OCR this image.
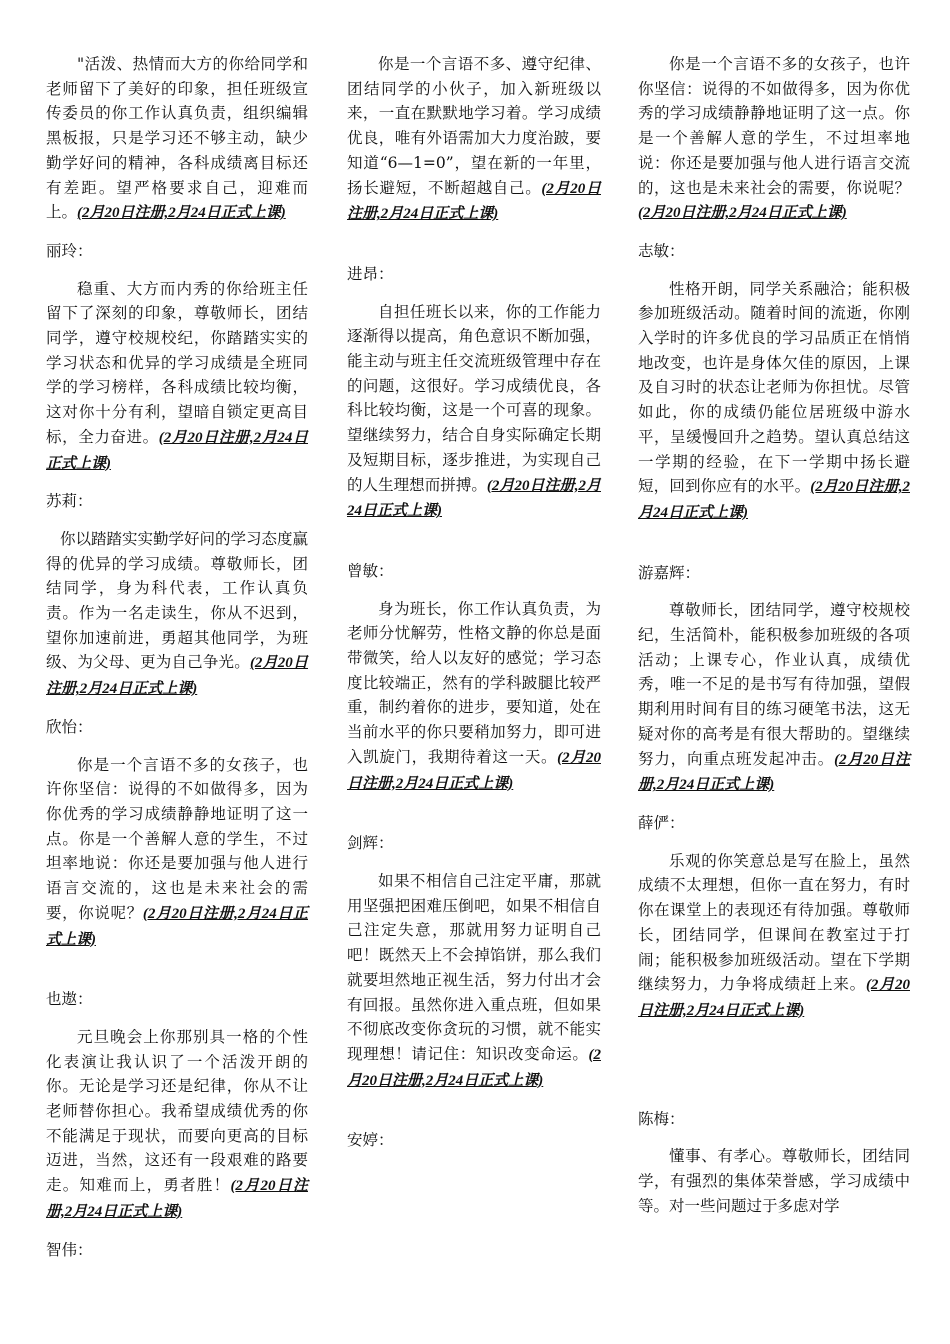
"活泼、热情而大方的你给同学和老师留下了美好的印象，担任班级宣传委员的你工作认真负责，组织编辑黑板报，只是学习还不够主动，缺少勤学好问的精神，各科成绩离目标还有差距。望严格要求自己，迎难而上。(2月20日注册,2月24日正式上课)

丽玲：

稳重、大方而内秀的你给班主任留下了深刻的印象，尊敬师长，团结同学，遵守校规校纪，你踏踏实实的学习状态和优异的学习成绩是全班同学的学习榜样，各科成绩比较均衡，这对你十分有利，望暗自锁定更高目标，全力奋进。(2月20日注册,2月24日正式上课)

苏莉：

你以踏踏实实勤学好问的学习态度赢得的优异的学习成绩。尊敬师长，团结同学，身为科代表，工作认真负责。作为一名走读生，你从不迟到，望你加速前进，勇超其他同学，为班级、为父母、更为自己争光。(2月20日注册,2月24日正式上课)

欣怡：

你是一个言语不多的女孩子，也许你坚信：说得的不如做得多，因为你优秀的学习成绩静静地证明了这一点。你是一个善解人意的学生，不过坦率地说：你还是要加强与他人进行语言交流的，这也是未来社会的需要，你说呢？(2月20日注册,2月24日正式上课)

也遨：

元旦晚会上你那别具一格的个性化表演让我认识了一个活泼开朗的你。无论是学习还是纪律，你从不让老师替你担心。我希望成绩优秀的你不能满足于现状，而要向更高的目标迈进，当然，这还有一段艰难的路要走。知难而上，勇者胜！(2月20日注册,2月24日正式上课)

智伟：

你是一个言语不多、遵守纪律、团结同学的小伙子，加入新班级以来，一直在默默地学习着。学习成绩优良，唯有外语需加大力度治跛，要知道“6—1=0”，望在新的一年里，扬长避短，不断超越自己。(2月20日注册,2月24日正式上课)

进昂：

自担任班长以来，你的工作能力逐渐得以提高，角色意识不断加强，能主动与班主任交流班级管理中存在的问题，这很好。学习成绩优良，各科比较均衡，这是一个可喜的现象。望继续努力，结合自身实际确定长期及短期目标，逐步推进，为实现自己的人生理想而拼搏。(2月20日注册,2月24日正式上课)

曾敏：

身为班长，你工作认真负责，为老师分忧解劳，性格文静的你总是面带微笑，给人以友好的感觉；学习态度比较端正，然有的学科跛腿比较严重，制约着你的进步，要知道，处在当前水平的你只要稍加努力，即可进入凯旋门，我期待着这一天。(2月20日注册,2月24日正式上课)

剑辉：

如果不相信自己注定平庸，那就用坚强把困难压倒吧，如果不相信自己注定失意，那就用努力证明自己吧！既然天上不会掉馅饼，那么我们就要坦然地正视生活，努力付出才会有回报。虽然你进入重点班，但如果不彻底改变你贪玩的习惯，就不能实现理想！请记住：知识改变命运。(2月20日注册,2月24日正式上课)

安婷：

你是一个言语不多的女孩子，也许你坚信：说得的不如做得多，因为你优秀的学习成绩静静地证明了这一点。你是一个善解人意的学生，不过坦率地说：你还是要加强与他人进行语言交流的，这也是未来社会的需要，你说呢？(2月20日注册,2月24日正式上课)

志敏：

性格开朗，同学关系融洽；能积极参加班级活动。随着时间的流逝，你刚入学时的许多优良的学习品质正在悄悄地改变，也许是身体欠佳的原因，上课及自习时的状态让老师为你担忧。尽管如此，你的成绩仍能位居班级中游水平，呈缓慢回升之趋势。望认真总结这一学期的经验，在下一学期中扬长避短，回到你应有的水平。(2月20日注册,2月24日正式上课)

游嘉辉：

尊敬师长，团结同学，遵守校规校纪，生活简朴，能积极参加班级的各项活动；上课专心，作业认真，成绩优秀，唯一不足的是书写有待加强，望假期利用时间有目的练习硬笔书法，这无疑对你的高考是有很大帮助的。望继续努力，向重点班发起冲击。(2月20日注册,2月24日正式上课)

薛俨：

乐观的你笑意总是写在脸上，虽然成绩不太理想，但你一直在努力，有时你在课堂上的表现还有待加强。尊敬师长，团结同学，但课间在教室过于打闹；能积极参加班级活动。望在下学期继续努力，力争将成绩赶上来。(2月20日注册,2月24日正式上课)

陈梅：

懂事、有孝心。尊敬师长，团结同学，有强烈的集体荣誉感，学习成绩中等。对一些问题过于多虑对学
